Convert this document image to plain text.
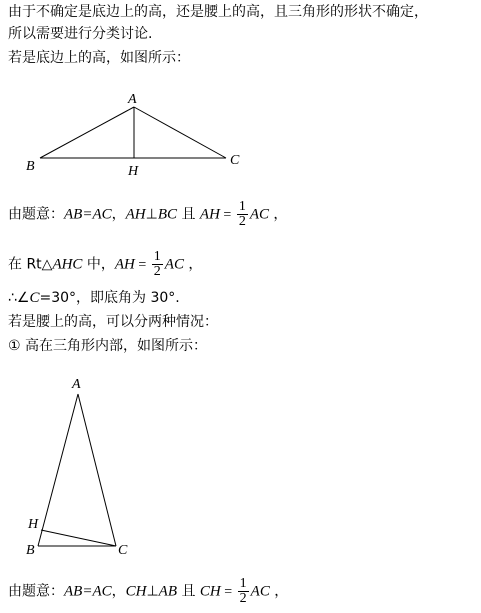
由于不确定是底边上的高，还是腰上的高，且三角形的形状不确定，
所以需要进行分类讨论.
若是底边上的高，如图所示：
A
B	C
H
由题意：AB=AC，AH⊥BC 且 AH = $\frac{1}{2}$ AC ，
在 Rt△AHC 中，AH = $\frac{1}{2}$ AC ，
∴∠C=30°，即底角为 30°.
若是腰上的高，可以分两种情况：
① 高在三角形内部，如图所示：
A
B	C
H
由题意：AB=AC，CH⊥AB 且 CH = $\frac{1}{2}$ AC ，
